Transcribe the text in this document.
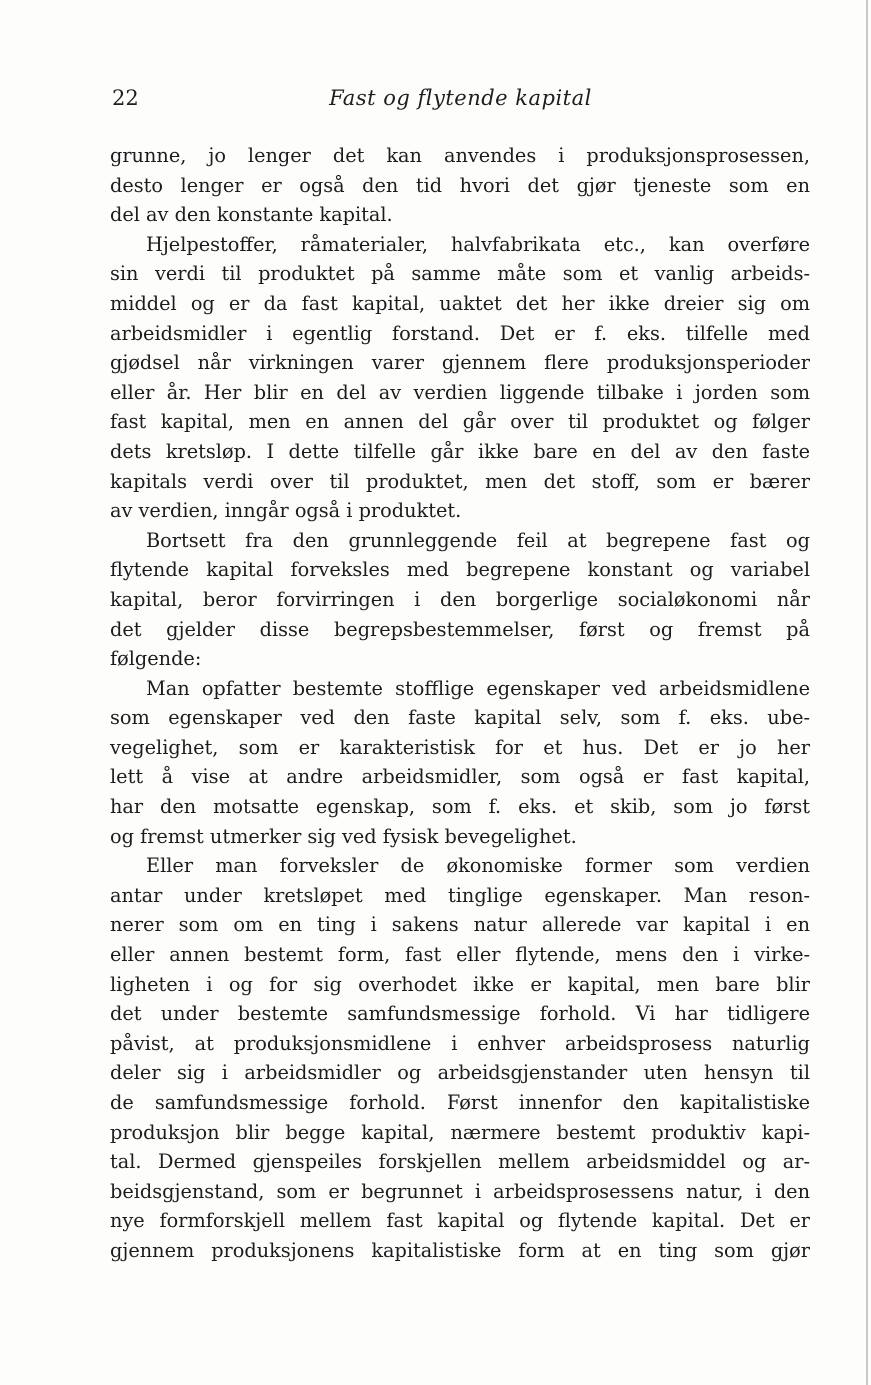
22	Fast og flytende kapital

grunne, jo lenger det kan anvendes i produksjonsprosessen,
desto lenger er også den tid hvori det gjør tjeneste som en
del av den konstante kapital.

Hjelpestoffer, råmaterialer, halvfabrikata etc., kan overføre
sin verdi til produktet på samme måte som et vanlig arbeids-
middel og er da fast kapital, uaktet det her ikke dreier sig om
arbeidsmidler i egentlig forstand. Det er f. eks. tilfelle med
gjødsel når virkningen varer gjennem flere produksjonsperioder
eller år. Her blir en del av verdien liggende tilbake i jorden som
fast kapital, men en annen del går over til produktet og følger
dets kretsløp. I dette tilfelle går ikke bare en del av den faste
kapitals verdi over til produktet, men det stoff, som er bærer
av verdien, inngår også i produktet.

Bortsett fra den grunnleggende feil at begrepene fast og
flytende kapital forveksles med begrepene konstant og variabel
kapital, beror forvirringen i den borgerlige socialøkonomi når
det gjelder disse begrepsbestemmelser, først og fremst på
følgende:

Man opfatter bestemte stofflige egenskaper ved arbeidsmidlene
som egenskaper ved den faste kapital selv, som f. eks. ube-
vegelighet, som er karakteristisk for et hus. Det er jo her
lett å vise at andre arbeidsmidler, som også er fast kapital,
har den motsatte egenskap, som f. eks. et skib, som jo først
og fremst utmerker sig ved fysisk bevegelighet.

Eller man forveksler de økonomiske former som verdien
antar under kretsløpet med tinglige egenskaper. Man reson-
nerer som om en ting i sakens natur allerede var kapital i en
eller annen bestemt form, fast eller flytende, mens den i virke-
ligheten i og for sig overhodet ikke er kapital, men bare blir
det under bestemte samfundsmessige forhold. Vi har tidligere
påvist, at produksjonsmidlene i enhver arbeidsprosess naturlig
deler sig i arbeidsmidler og arbeidsgjenstander uten hensyn til
de samfundsmessige forhold. Først innenfor den kapitalistiske
produksjon blir begge kapital, nærmere bestemt produktiv kapi-
tal. Dermed gjenspeiles forskjellen mellem arbeidsmiddel og ar-
beidsgjenstand, som er begrunnet i arbeidsprosessens natur, i den
nye formforskjell mellem fast kapital og flytende kapital. Det er
gjennem produksjonens kapitalistiske form at en ting som gjør
